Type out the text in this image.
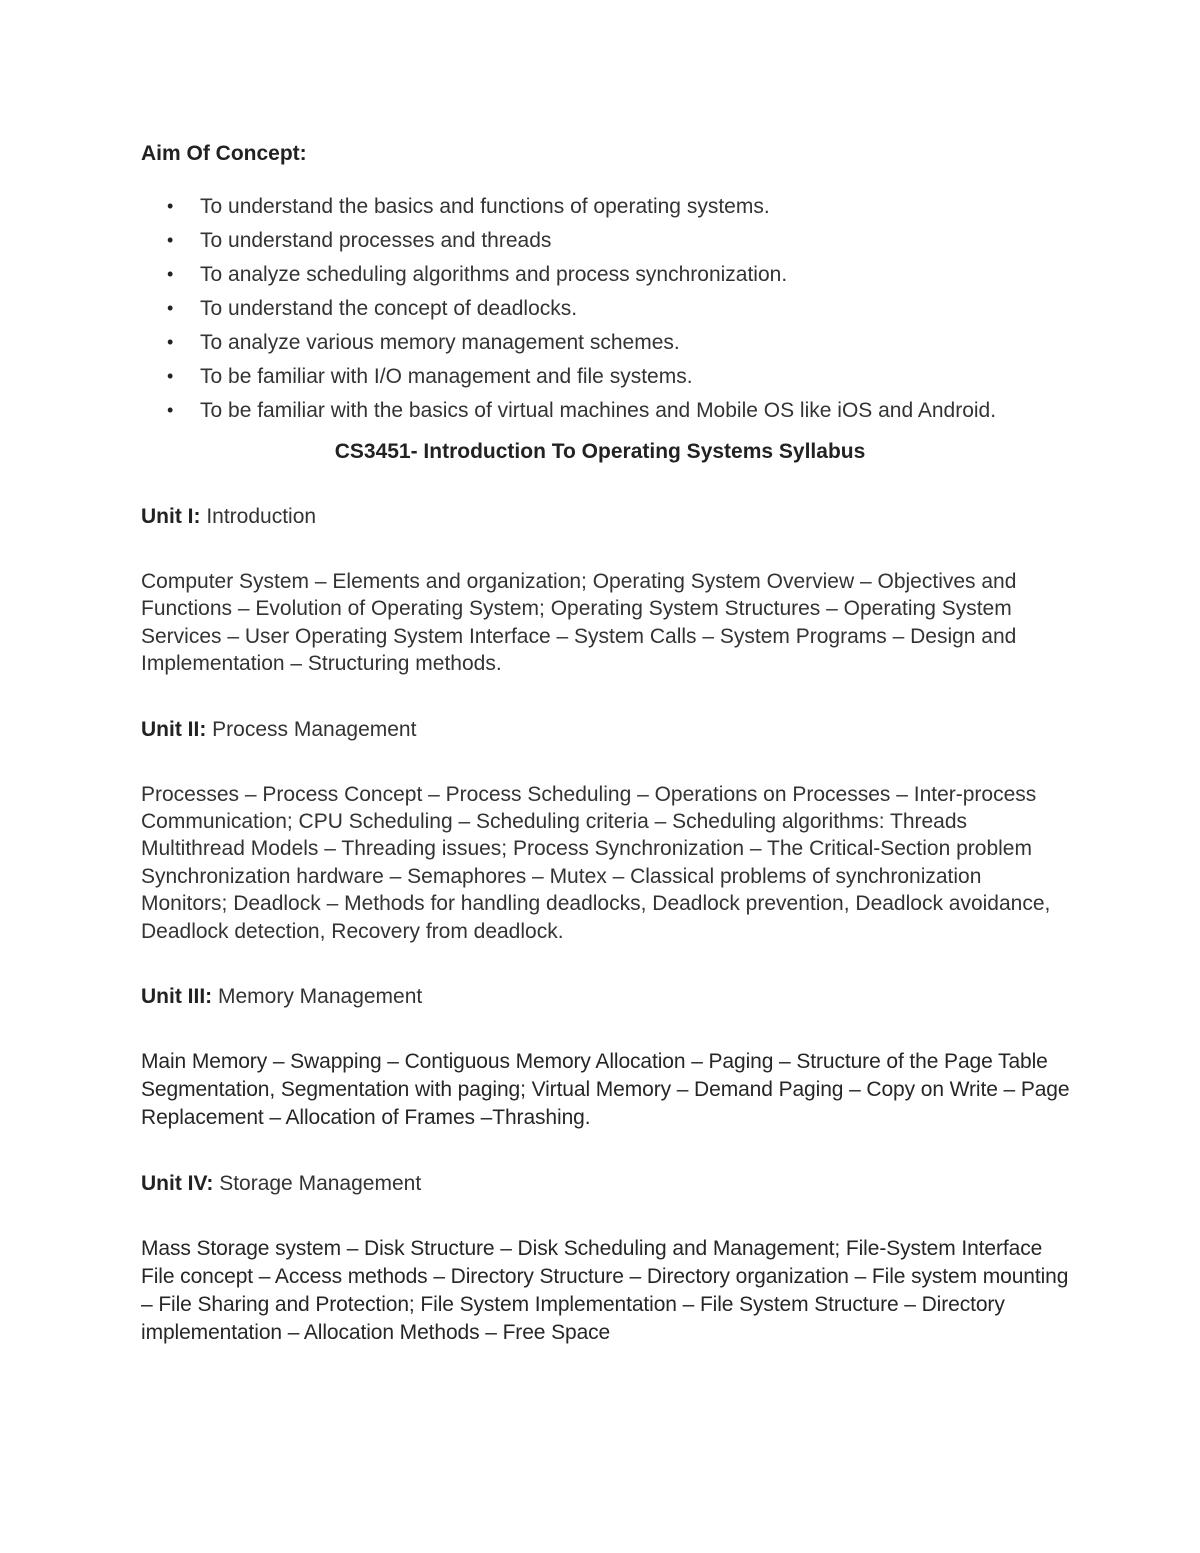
Aim Of Concept:

• To understand the basics and functions of operating systems.
• To understand processes and threads
• To analyze scheduling algorithms and process synchronization.
• To understand the concept of deadlocks.
• To analyze various memory management schemes.
• To be familiar with I/O management and file systems.
• To be familiar with the basics of virtual machines and Mobile OS like iOS and Android.

CS3451- Introduction To Operating Systems Syllabus

Unit I: Introduction

Computer System – Elements and organization; Operating System Overview – Objectives and Functions – Evolution of Operating System; Operating System Structures – Operating System Services – User Operating System Interface – System Calls – System Programs – Design and Implementation – Structuring methods.

Unit II: Process Management

Processes – Process Concept – Process Scheduling – Operations on Processes – Inter-process Communication; CPU Scheduling – Scheduling criteria – Scheduling algorithms: Threads Multithread Models – Threading issues; Process Synchronization – The Critical-Section problem Synchronization hardware – Semaphores – Mutex – Classical problems of synchronization Monitors; Deadlock – Methods for handling deadlocks, Deadlock prevention, Deadlock avoidance, Deadlock detection, Recovery from deadlock.

Unit III: Memory Management

Main Memory – Swapping – Contiguous Memory Allocation – Paging – Structure of the Page Table Segmentation, Segmentation with paging; Virtual Memory – Demand Paging – Copy on Write – Page Replacement – Allocation of Frames –Thrashing.

Unit IV: Storage Management

Mass Storage system – Disk Structure – Disk Scheduling and Management; File-System Interface File concept – Access methods – Directory Structure – Directory organization – File system mounting – File Sharing and Protection; File System Implementation – File System Structure – Directory implementation – Allocation Methods – Free Space
